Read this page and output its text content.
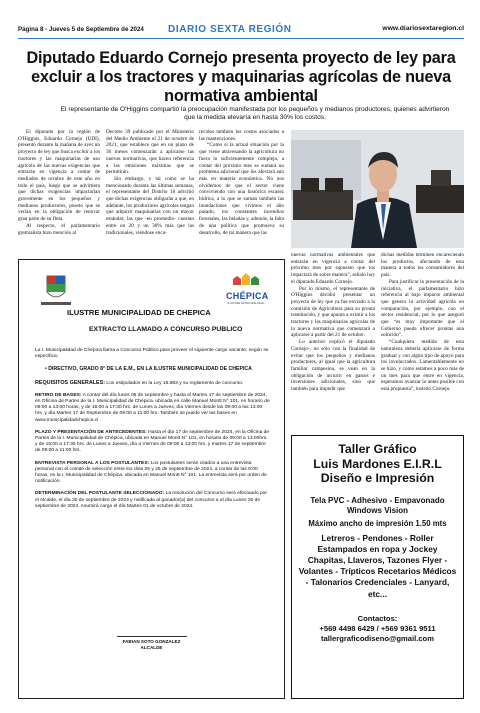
Página 8 - Jueves 5 de Septiembre de 2024 DIARIO SEXTA REGIÓN	www.diariosextaregion.cl
Diputado Eduardo Cornejo presenta proyecto de ley para excluir a los tractores y maquinarias agrícolas de nueva normativa ambiental
El representante de O'Higgins compartió la preocupación manifestada por los pequeños y medianos productores, quienes advirtieron que la medida elevaría en hasta 30% los costos.

El diputado por la región de O'Higgins, Eduardo Cornejo (UDI), presentó durante la mañana de ayer un proyecto de ley que busca excluir a los tractores y las maquinarias de uso agrícola de las nuevas exigencias que entrarán en vigencia a contar de mediados de octubre de este año en todo el país, luego que se advirtiera que dichas exigencias impactarían gravemente en los pequeños y medianos productores, puesto que se verían en la obligación de renovar gran parte de su flota.

Al respecto, el parlamentario gremialista hizo mención al

Decreto 39 publicado por el Ministerio del Medio Ambiente el 21 de octubre de 2021, que establece que en un plazo de 36 meses comenzarán a aplicarse las nuevas normativas, que hacen referencia a las emisiones máximas que se permitirán.

Sin embargo, y tal como se ha mencionado durante las últimas semanas, el representante del Distrito 16 advirtió que dichas exigencias obligarán a que, en adelante, los productores agrícolas tengan que adquirir maquinarias con un mayor estándar, las que -en promedio- cuestan entre un 20 y un 30% más que las tradicionales, viéndose enca-

recidos también los costos asociados a las mantenciones.

“Como si la actual situación por la que viene atravesando la agricultura no fuera lo suficientemente compleja, a contar del próximo mes se sumará un problema adicional que los afectará aún más en materia económica. No nos olvidemos de que el sector viene conviviendo con una histórica escasez hídrica, a lo que se suman también las inundaciones que vivimos el año pasado, los constantes incendios forestales, las heladas y, además, la falta de una política que promueva su desarrollo, de tal manera que las

nuevas normativas ambientales que entrarán en vigencia a contar del próximo mes por supuesto que los impactará de sobre manera”, señaló hoy el diputado Eduardo Cornejo.

Por lo mismo, el representante de O'Higgins decidió presentar un proyecto de ley que ya fue enviado a la comisión de Agricultura para su pronta tramitación, y que apunta a eximir a los tractores y las maquinarias agrícolas de la nueva normativa que comenzará a aplicarse a partir del 21 de octubre.

Lo anterior explicó el diputado Cornejo-, no sólo con la finalidad de evitar que los pequeños y medianos productores, al igual que la agricultura familiar campesina, se vean en la obligación de incurrir en gastos e inversiones adicionales, sino que también para impedir que

dichas medidas terminen encareciendo los productos, afectando de esta manera a todos los consumidores del país.

Para justificar la presentación de la iniciativa, el parlamentario hizo referencia al bajo impacto ambiental que genera la actividad agrícola en comparación, por ejemplo, con el sector residencial, por lo que aseguró que “es muy importante que el Gobierno pueda ofrecer prontas una solución”.

“Cualquiera medida de esta naturaleza debería aplicarse de forma gradual y con algún tipo de apoyo para los involucrados. Lamentablemente no se hizo, y como estamos a poco más de un mes para que entre en vigencia, esperamos avanzar lo antes posible con esta propuesta”, insistió Cornejo.

CHÉPICA
ILUSTRE MUNICIPALIDAD
ILUSTRE MUNICIPALIDAD DE CHEPICA
EXTRACTO LLAMADO A CONCURSO PUBLICO

La I. Municipalidad de Chépica llama a Concurso Público para proveer el siguiente cargo vacante, según se especifica:

• DIRECTIVO, GRADO 8° DE LA E.M., EN LA ILUSTRE MUNICIPALIDAD DE CHEPICA

REQUISITOS GENERALES: Los estipulados en la Ley 18.883 y su reglamento de concurso.

RETIRO DE BASES: A contar del día lunes 05 de septiembre y hasta el Martes 17 de septiembre de 2024, en Oficina de Partes de la I. Municipalidad de Chépica, ubicada en calle Manuel Montt N° 101, en horario de 09:00 a 13:00 horas, y de 15:00 a 17:30 hrs. de Lunes a Jueves, día Viernes desde las 09:00 a las 13:00 hrs. y día Martes 17 de Septiembre de 09:00 a 11:00 hrs. También se puede ver las bases en www.municipalidadchepica.cl

PLAZO Y PRESENTACIÓN DE ANTECEDENTES: Hasta el día 17 de septiembre de 2024, en la Oficina de Partes de la I. Municipalidad de Chépica, ubicada en Manuel Montt N° 101, en horario de 09:00 a 13.00hrs. y de 15:00 a 17:30 hrs. de Lunes a Jueves, día a Viernes de 09:00 a 13:00 hrs. y martes 17 de septiembre de 09:00 a 11:00 hrs.

ENTREVISTA PERSONAL A LOS POSTULANTES: Los postulantes serán citados a una entrevista personal con el comité de selección entre los días 25 y 26 de septiembre de 2024, a contar de las 9:00 horas, en la I. Municipalidad de Chépica, ubicada en Manuel Montt N° 101. La entrevista será por orden de notificación.

DETERMINACIÓN DEL POSTULANTE SELECCIONADO: La resolución del Concurso será efectuado por el Alcalde, el día 30 de septiembre de 2024 y notificada al ganador(a) del concurso a el día Lunes 30 de septiembre de 2024. Asumirá cargo el día Martes 01 de octubre de 2024.

FABIAN SOTO GONZALEZ
ALCALDE
Taller Gráfico
Luis Mardones E.I.R.L
Diseño e Impresión
Tela PVC - Adhesivo - Empavonado
Windows Vision
Máximo ancho de impresión 1.50 mts
Letreros - Pendones - Roller Estampados en ropa y Jockey Chapitas, Llaveros, Tazones Flyer - Volantes - Trípticos Recetarios Médicos - Talonarios Credenciales - Lanyard, etc...
Contactos:
+569 4498 6429 / +569 9361 9511
tallergraficodiseno@gmail.com
